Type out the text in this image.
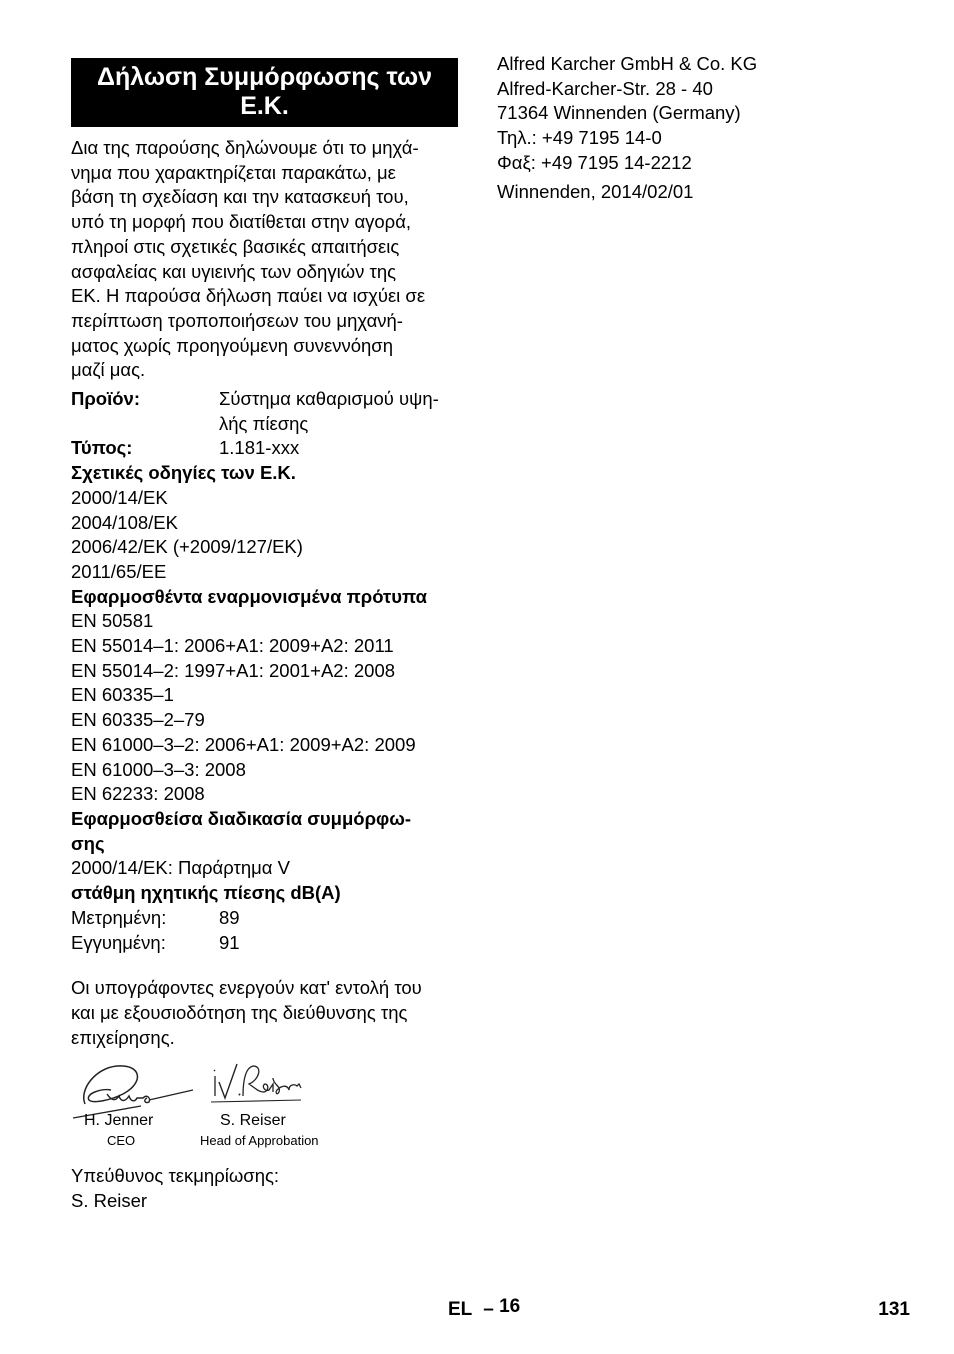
Δήλωση Συμμόρφωσης των
Ε.Κ.
Δια της παρούσης δηλώνουμε ότι το μηχά-
νημα που χαρακτηρίζεται παρακάτω, με
βάση τη σχεδίαση και την κατασκευή του,
υπό τη μορφή που διατίθεται στην αγορά,
πληροί στις σχετικές βασικές απαιτήσεις
ασφαλείας και υγιεινής των οδηγιών της
ΕΚ. Η παρούσα δήλωση παύει να ισχύει σε
περίπτωση τροποποιήσεων του μηχανή-
ματος χωρίς προηγούμενη συνεννόηση
μαζί μας.
Προϊόν:	Σύστημα καθαρισμού υψη-
λής πίεσης
Τύπος:	1.181-xxx
Σχετικές οδηγίες των Ε.Κ.
2000/14/ΕΚ
2004/108/ΕΚ
2006/42/ΕΚ (+2009/127/ΕΚ)
2011/65/ΕΕ
Εφαρμοσθέντα εναρμονισμένα πρότυπα
EN 50581
EN 55014–1: 2006+A1: 2009+A2: 2011
EN 55014–2: 1997+A1: 2001+A2: 2008
EN 60335–1
EN 60335–2–79
EN 61000–3–2: 2006+A1: 2009+A2: 2009
EN 61000–3–3: 2008
EN 62233: 2008
Εφαρμοσθείσα διαδικασία συμμόρφω-
σης
2000/14/ΕΚ: Παράρτημα V
στάθμη ηχητικής πίεσης dB(A)
Μετρημένη:	89
Εγγυημένη:	91
Οι υπογράφοντες ενεργούν κατ' εντολή του
και με εξουσιοδότηση της διεύθυνσης της
επιχείρησης.
H. Jenner
CEO
S. Reiser
Head of Approbation
Υπεύθυνος τεκμηρίωσης:
S. Reiser
Alfred Karcher GmbH & Co. KG
Alfred-Karcher-Str. 28 - 40
71364 Winnenden (Germany)
Τηλ.: +49 7195 14-0
Φαξ: +49 7195 14-2212
Winnenden, 2014/02/01
EL – 16	131
